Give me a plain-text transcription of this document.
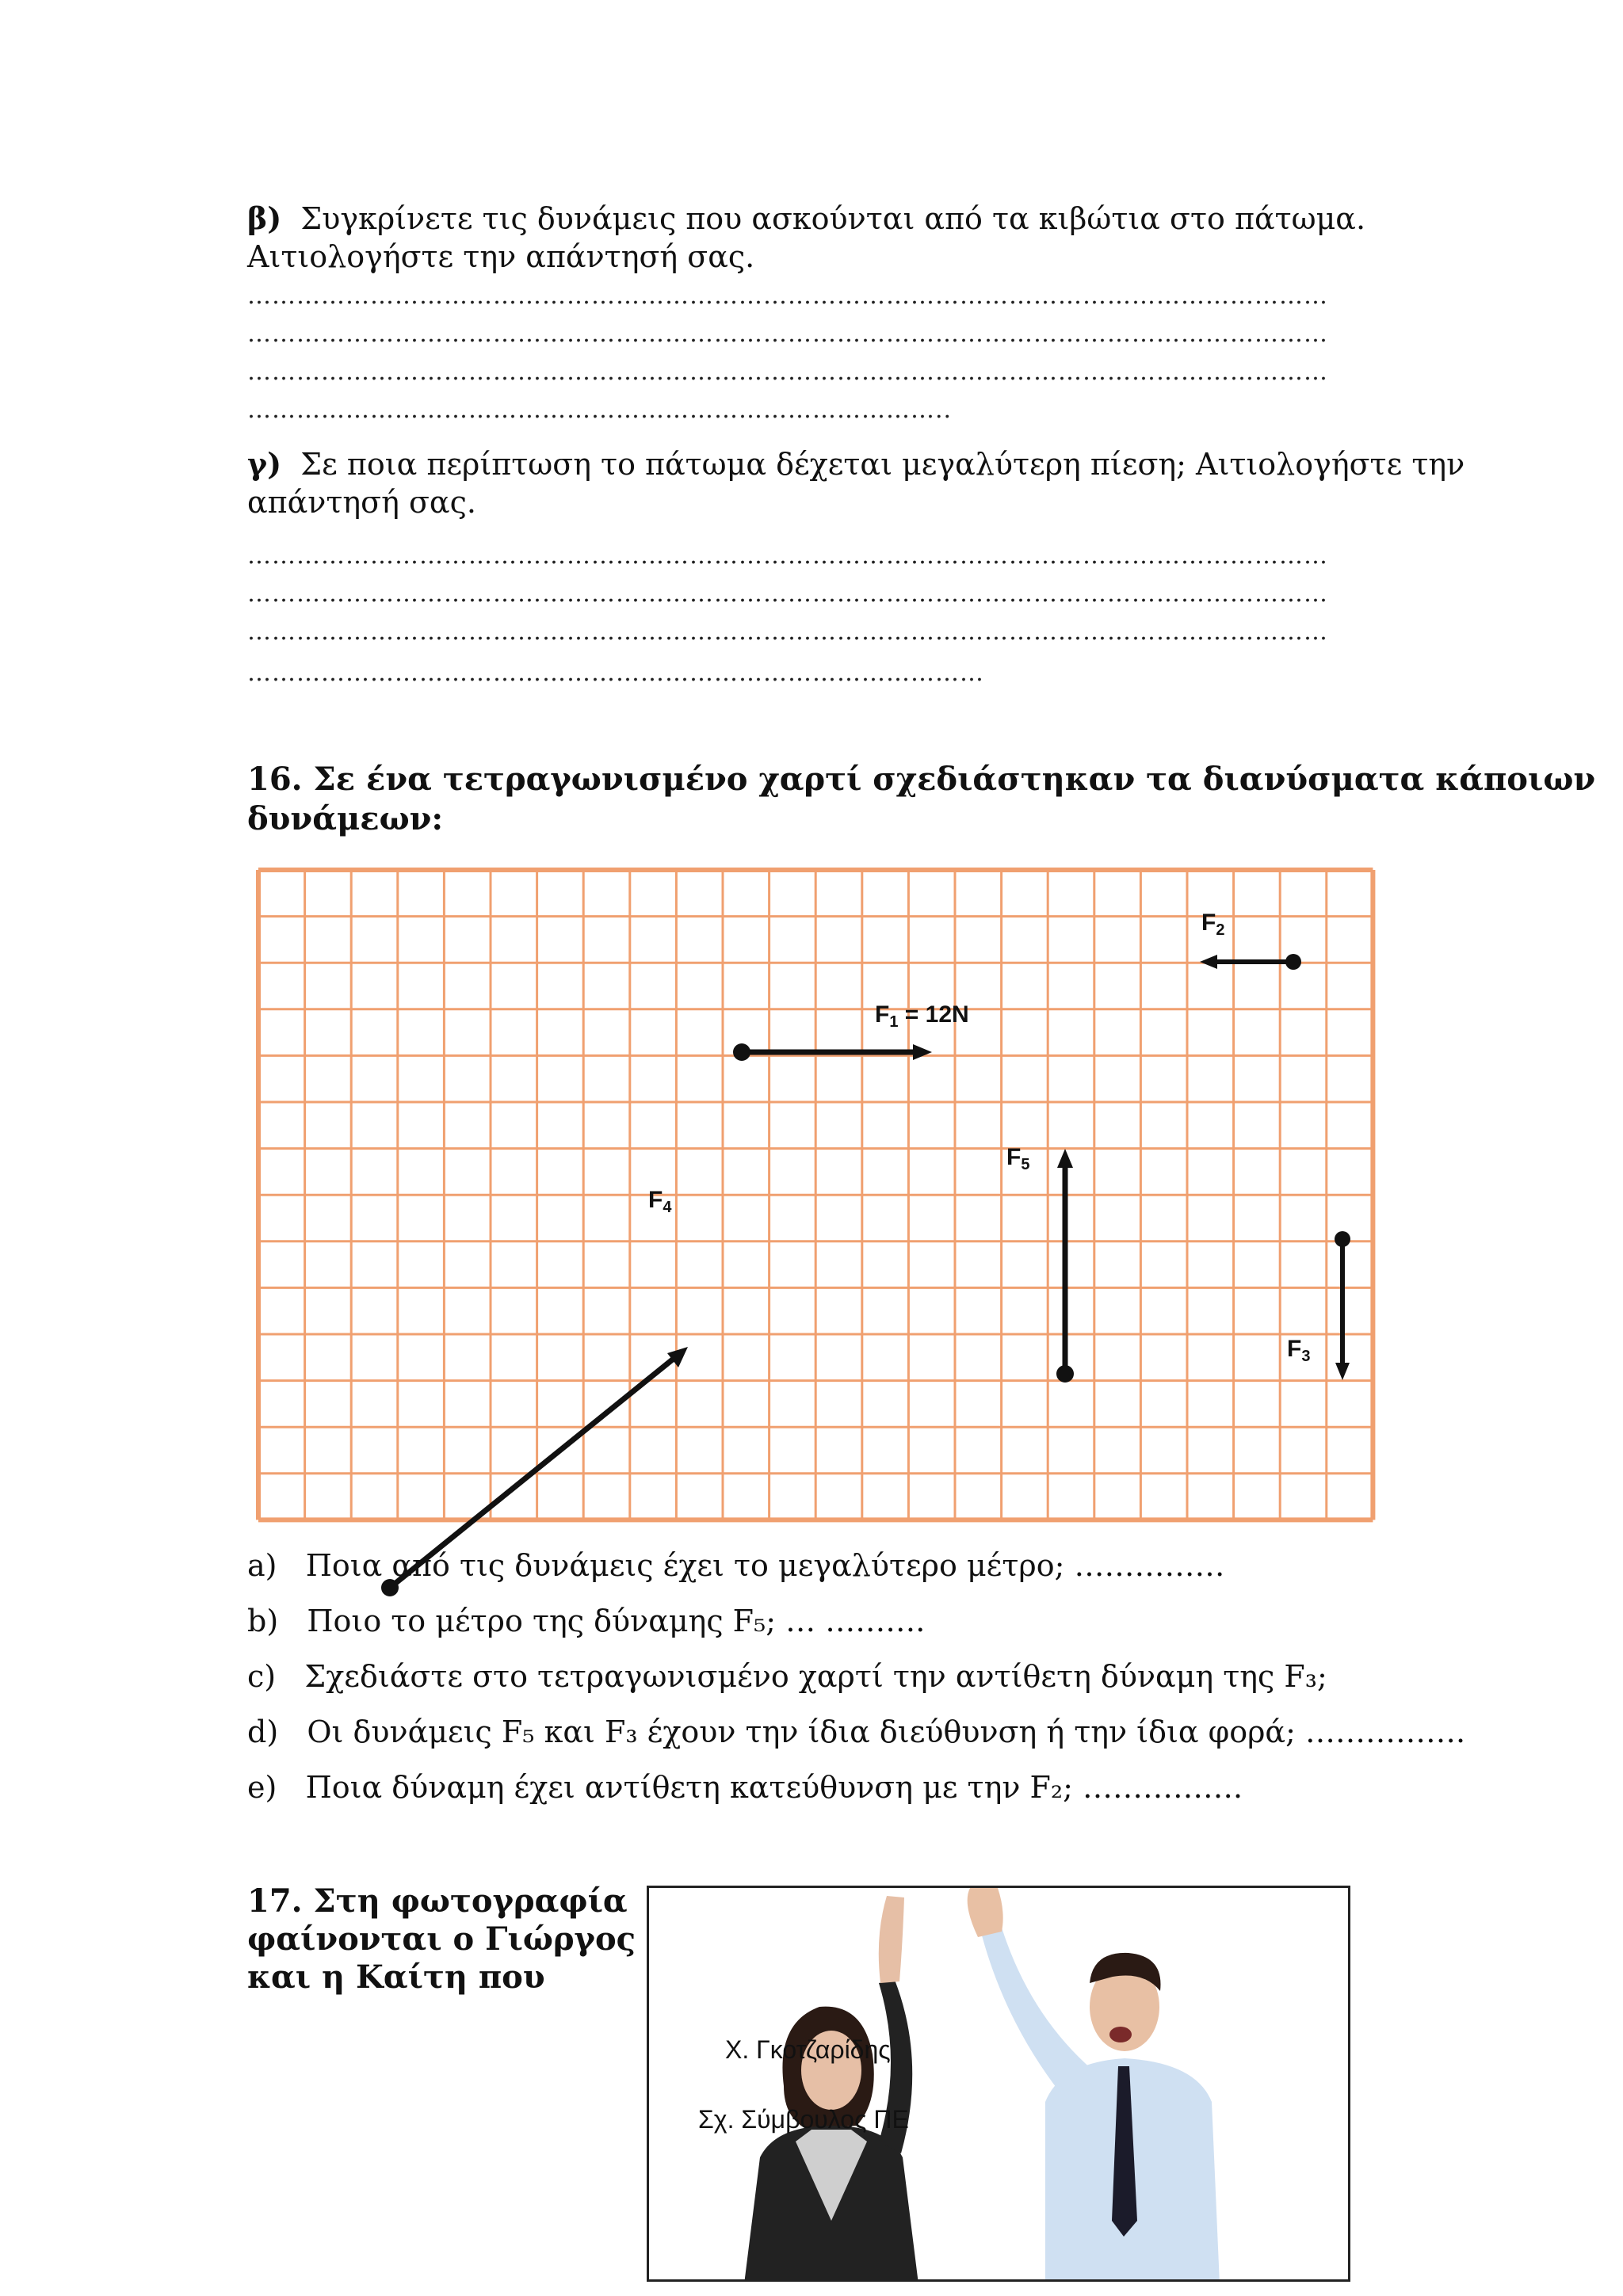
β) Συγκρίνετε τις δυνάμεις που ασκούνται από τα κιβώτια στο πάτωμα.
Αιτιολογήστε την απάντησή σας.
……………………………………………………………………………………………………………………
……………………………………………………………………………………………………………………
……………………………………………………………………………………………………………………
…………………………………………………………………………..
γ) Σε ποια περίπτωση το πάτωμα δέχεται μεγαλύτερη πίεση; Αιτιολογήστε την
απάντησή σας.
……………………………………………………………………………………………………………………
……………………………………………………………………………………………………………………
……………………………………………………………………………………………………………………
………………………………………………………………………………
16. Σε ένα τετραγωνισμένο χαρτί σχεδιάστηκαν τα διανύσματα κάποιων
δυνάμεων:
$F_1 = 12N$
$F_2$
$F_3$
$F_4$
$F_5$
a) Ποια από τις δυνάμεις έχει το μεγαλύτερο μέτρο; ……………
b) Ποιο το μέτρο της δύναμης F₅; … ……….
c) Σχεδιάστε στο τετραγωνισμένο χαρτί την αντίθετη δύναμη της F₃;
d) Οι δυνάμεις F₅ και F₃ έχουν την ίδια διεύθυνση ή την ίδια φορά; …………….
e) Ποια δύναμη έχει αντίθετη κατεύθυνση με την F₂; …………….
17. Στη φωτογραφία
φαίνονται ο Γιώργος
και η Καίτη που
Χ. Γκοτζαρίδης
Σχ. Σύμβουλος ΠΕ
